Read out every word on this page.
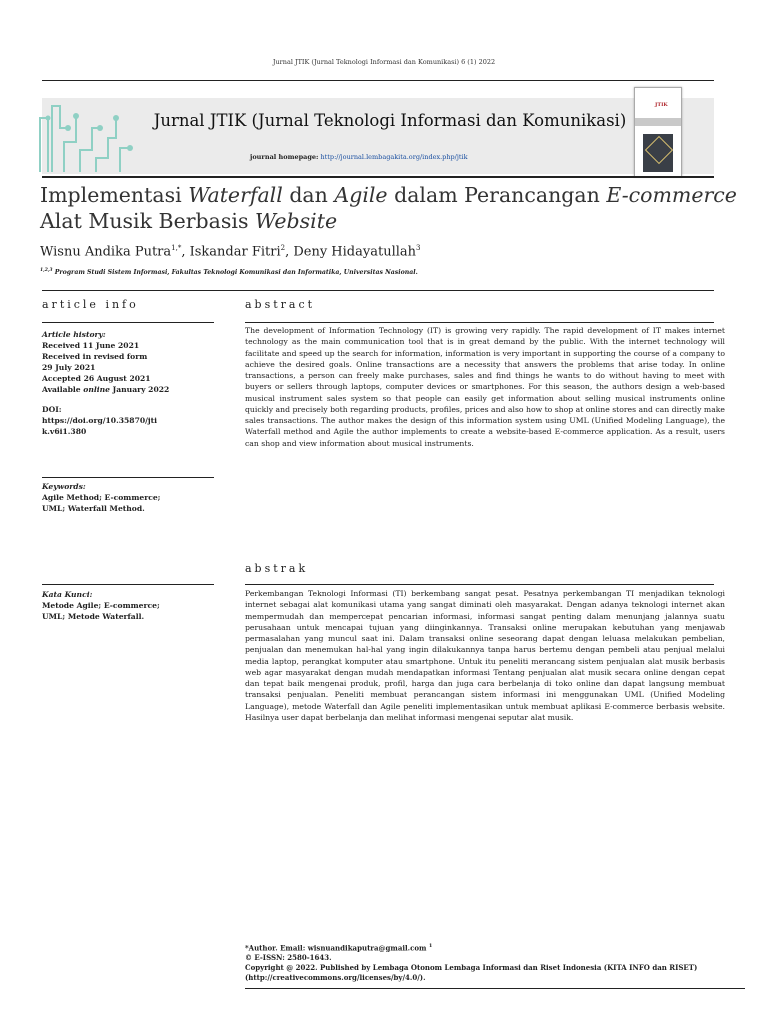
Jurnal JTIK (Jurnal Teknologi Informasi dan Komunikasi) 6 (1) 2022
Jurnal JTIK (Jurnal Teknologi Informasi dan Komunikasi)
journal homepage: http://journal.lembagakita.org/index.php/jtik
JTIK
Implementasi Waterfall dan Agile dalam Perancangan E-commerce
Alat Musik Berbasis Website
Wisnu Andika Putra$^{1,*}$, Iskandar Fitri$^2$, Deny Hidayatullah$^3$
$^{1,2,3}$ Program Studi Sistem Informasi, Fakultas Teknologi Komunikasi dan Informatika, Universitas Nasional.
article info	abstract
Article history:
Received 11 June 2021
Received in revised form
29 July 2021
Accepted 26 August 2021
Available online January 2022
DOI:
https://doi.org/10.35870/jti
k.v6i1.380
Keywords:
Agile Method; E-commerce;
UML; Waterfall Method.
The development of Information Technology (IT) is growing very rapidly. The rapid development of IT makes internet technology as the main communication tool that is in great demand by the public. With the internet technology will facilitate and speed up the search for information, information is very important in supporting the course of a company to achieve the desired goals. Online transactions are a necessity that answers the problems that arise today. In online transactions, a person can freely make purchases, sales and find things he wants to do without having to meet with buyers or sellers through laptops, computer devices or smartphones. For this season, the authors design a web-based musical instrument sales system so that people can easily get information about selling musical instruments online quickly and precisely both regarding products, profiles, prices and also how to shop at online stores and can directly make sales transactions. The author makes the design of this information system using UML (Unified Modeling Language), the Waterfall method and Agile the author implements to create a website-based E-commerce application. As a result, users can shop and view information about musical instruments.
abstrak
Kata Kunci:
Metode Agile; E-commerce;
UML; Metode Waterfall.
Perkembangan Teknologi Informasi (TI) berkembang sangat pesat. Pesatnya perkembangan TI menjadikan teknologi internet sebagai alat komunikasi utama yang sangat diminati oleh masyarakat. Dengan adanya teknologi internet akan mempermudah dan mempercepat pencarian informasi, informasi sangat penting dalam menunjang jalannya suatu perusahaan untuk mencapai tujuan yang diinginkannya. Transaksi online merupakan kebutuhan yang menjawab permasalahan yang muncul saat ini. Dalam transaksi online seseorang dapat dengan leluasa melakukan pembelian, penjualan dan menemukan hal-hal yang ingin dilakukannya tanpa harus bertemu dengan pembeli atau penjual melalui media laptop, perangkat komputer atau smartphone. Untuk itu peneliti merancang sistem penjualan alat musik berbasis web agar masyarakat dengan mudah mendapatkan informasi Tentang penjualan alat musik secara online dengan cepat dan tepat baik mengenai produk, profil, harga dan juga cara berbelanja di toko online dan dapat langsung membuat transaksi penjualan. Peneliti membuat perancangan sistem informasi ini menggunakan UML (Unified Modeling Language), metode Waterfall dan Agile peneliti implementasikan untuk membuat aplikasi E-commerce berbasis website. Hasilnya user dapat berbelanja dan melihat informasi mengenai seputar alat musik.
*Author. Email: wisnuandikaputra@gmail.com $^1$
© E-ISSN: 2580-1643.
Copyright @ 2022. Published by Lembaga Otonom Lembaga Informasi dan Riset Indonesia (KITA INFO dan RISET)
(http://creativecommons.org/licenses/by/4.0/).
